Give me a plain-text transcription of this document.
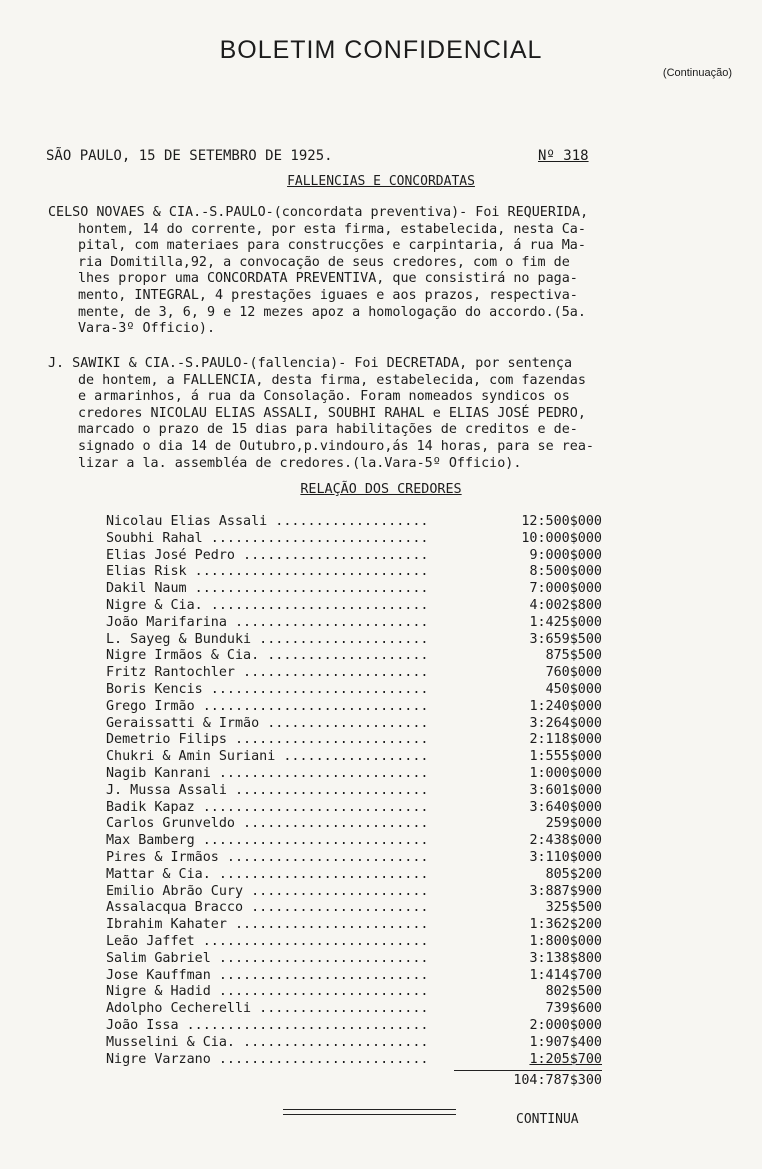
BOLETIM CONFIDENCIAL
(Continuação)
SÃO PAULO, 15 DE SETEMBRO DE 1925.	Nº 318
FALLENCIAS E CONCORDATAS
CELSO NOVAES & CIA.-S.PAULO-(concordata preventiva)- Foi REQUERIDA,
hontem, 14 do corrente, por esta firma, estabelecida, nesta Ca-
pital, com materiaes para construcções e carpintaria, á rua Ma-
ria Domitilla,92, a convocação de seus credores, com o fim de
lhes propor uma CONCORDATA PREVENTIVA, que consistirá no paga-
mento, INTEGRAL, 4 prestações iguaes e aos prazos, respectiva-
mente, de 3, 6, 9 e 12 mezes apoz a homologação do accordo.(5a.
Vara-3º Officio).
J. SAWIKI & CIA.-S.PAULO-(fallencia)- Foi DECRETADA, por sentença
de hontem, a FALLENCIA, desta firma, estabelecida, com fazendas
e armarinhos, á rua da Consolação. Foram nomeados syndicos os
credores NICOLAU ELIAS ASSALI, SOUBHI RAHAL e ELIAS JOSÉ PEDRO,
marcado o prazo de 15 dias para habilitações de creditos e de-
signado o dia 14 de Outubro,p.vindouro,ás 14 horas, para se rea-
lizar a la. assembléa de credores.(la.Vara-5º Officio).
RELAÇÃO DOS CREDORES
Nicolau Elias Assali ...................	12:500$000
Soubhi Rahal ...........................	10:000$000
Elias José Pedro .......................	9:000$000
Elias Risk .............................	8:500$000
Dakil Naum .............................	7:000$000
Nigre & Cia. ...........................	4:002$800
João Marifarina ........................	1:425$000
L. Sayeg & Bunduki .....................	3:659$500
Nigre Irmãos & Cia. ....................	875$500
Fritz Rantochler .......................	760$000
Boris Kencis ...........................	450$000
Grego Irmão ............................	1:240$000
Geraissatti & Irmão ....................	3:264$000
Demetrio Filips ........................	2:118$000
Chukri & Amin Suriani ..................	1:555$000
Nagib Kanrani ..........................	1:000$000
J. Mussa Assali ........................	3:601$000
Badik Kapaz ............................	3:640$000
Carlos Grunveldo .......................	259$000
Max Bamberg ............................	2:438$000
Pires & Irmãos .........................	3:110$000
Mattar & Cia. ..........................	805$200
Emilio Abrão Cury ......................	3:887$900
Assalacqua Bracco ......................	325$500
Ibrahim Kahater ........................	1:362$200
Leão Jaffet ............................	1:800$000
Salim Gabriel ..........................	3:138$800
Jose Kauffman ..........................	1:414$700
Nigre & Hadid ..........................	802$500
Adolpho Cecherelli .....................	739$600
João Issa ..............................	2:000$000
Musselini & Cia. .......................	1:907$400
Nigre Varzano ..........................	1:205$700
104:787$300
CONTINUA
